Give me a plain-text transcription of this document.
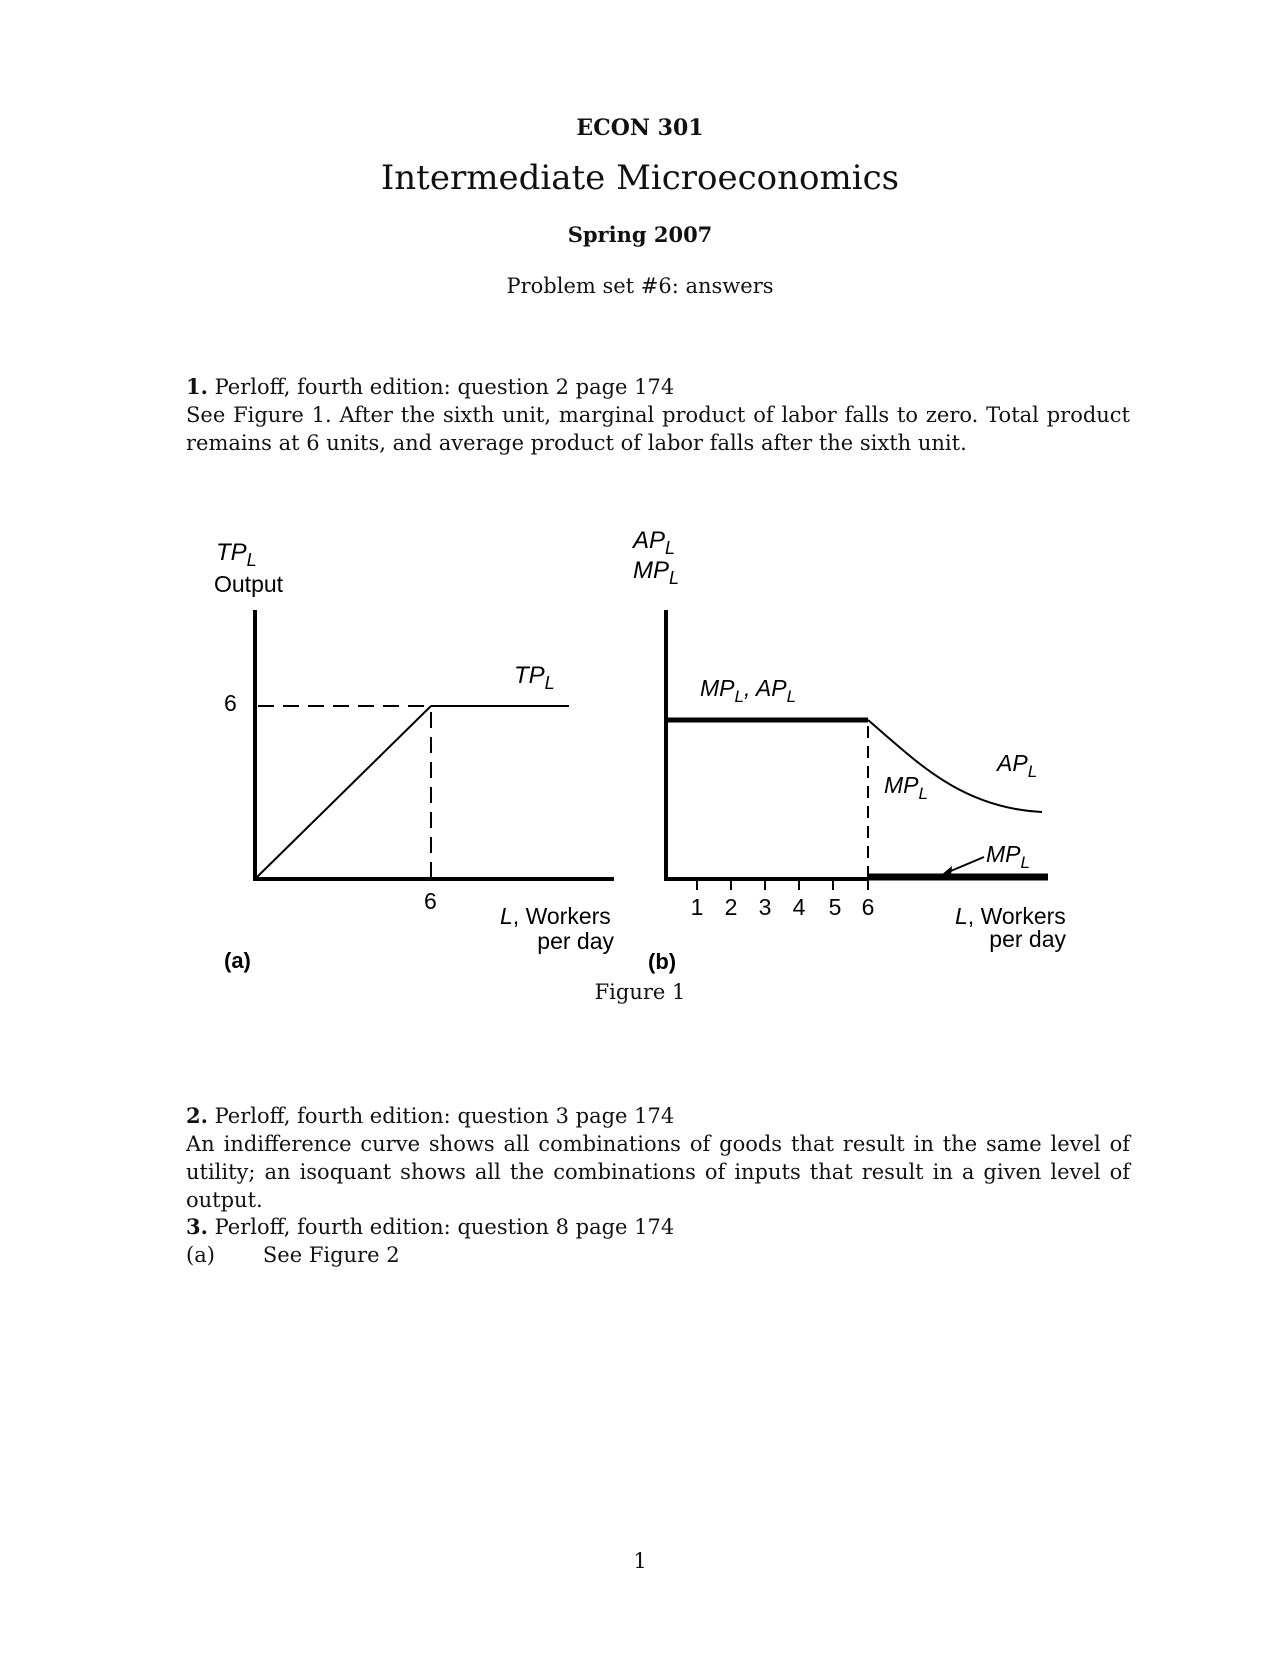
ECON 301
Intermediate Microeconomics
Spring 2007
Problem set #6: answers
1. Perloff, fourth edition: question 2 page 174
See Figure 1. After the sixth unit, marginal product of labor falls to zero. Total product remains at 6 units, and average product of labor falls after the sixth unit.
$TP_L$
Output
6
$TP_L$
6
L, Workers
per day
(a)
$AP_L$
$MP_L$
1 2 3 4 5 6
$MP_L$, $AP_L$
$MP_L$
$AP_L$
$MP_L$
L, Workers
per day
(b)
Figure 1
2. Perloff, fourth edition: question 3 page 174
An indifference curve shows all combinations of goods that result in the same level of utility; an isoquant shows all the combinations of inputs that result in a given level of output.
3. Perloff, fourth edition: question 8 page 174
(a) See Figure 2
1
